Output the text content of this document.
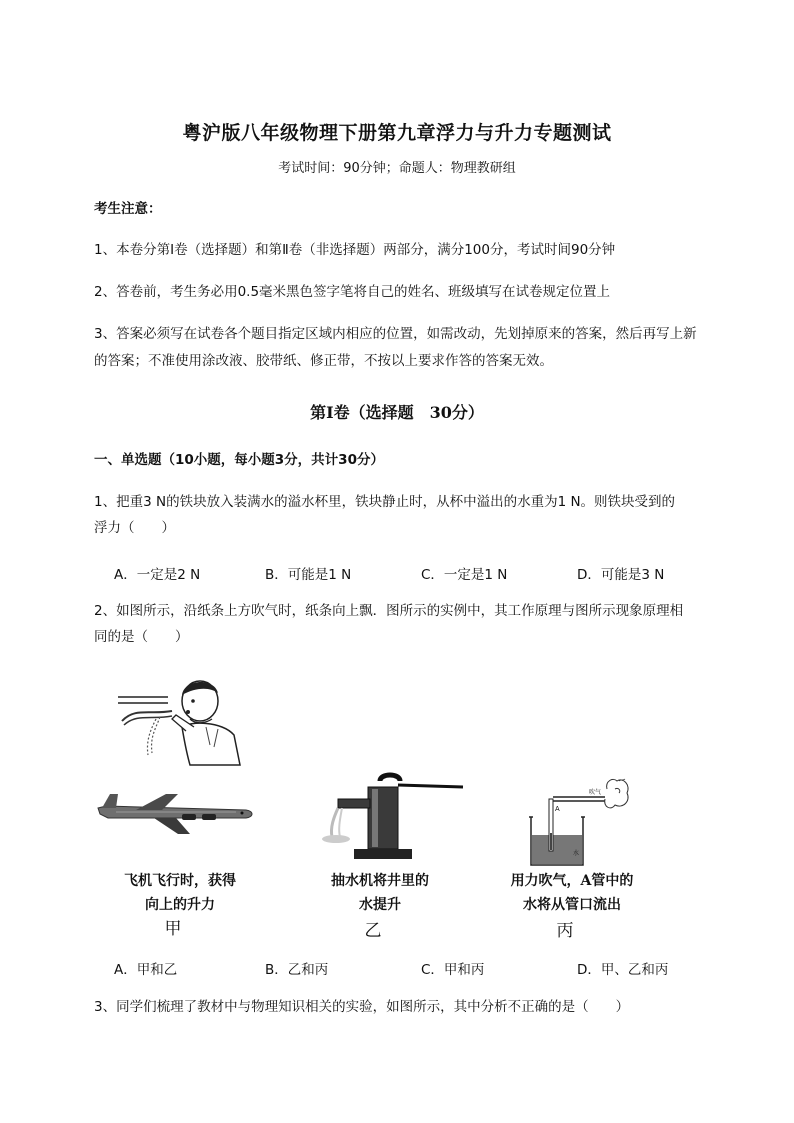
粤沪版八年级物理下册第九章浮力与升力专题测试
考试时间：90分钟；命题人：物理教研组
考生注意：
1、本卷分第I卷（选择题）和第Ⅱ卷（非选择题）两部分，满分100分，考试时间90分钟
2、答卷前，考生务必用0.5毫米黑色签字笔将自己的姓名、班级填写在试卷规定位置上
3、答案必须写在试卷各个题目指定区域内相应的位置，如需改动，先划掉原来的答案，然后再写上新
的答案；不准使用涂改液、胶带纸、修正带，不按以上要求作答的答案无效。
第I卷（选择题　30分）
一、单选题（10小题，每小题3分，共计30分）
1、把重3 N的铁块放入装满水的溢水杯里，铁块静止时，从杯中溢出的水重为1 N。则铁块受到的
浮力（　　）
A．一定是2 N	B．可能是1 N	C．一定是1 N	D．可能是3 N
2、如图所示，沿纸条上方吹气时，纸条向上飘．图所示的实例中，其工作原理与图所示现象原理相
同的是（　　）
A
吹气
水
飞机飞行时，获得
向上的升力
甲
抽水机将井里的
水提升
乙
用力吹气，A管中的
水将从管口流出
丙
A．甲和乙	B．乙和丙	C．甲和丙	D．甲、乙和丙
3、同学们梳理了教材中与物理知识相关的实验，如图所示，其中分析不正确的是（　　）
